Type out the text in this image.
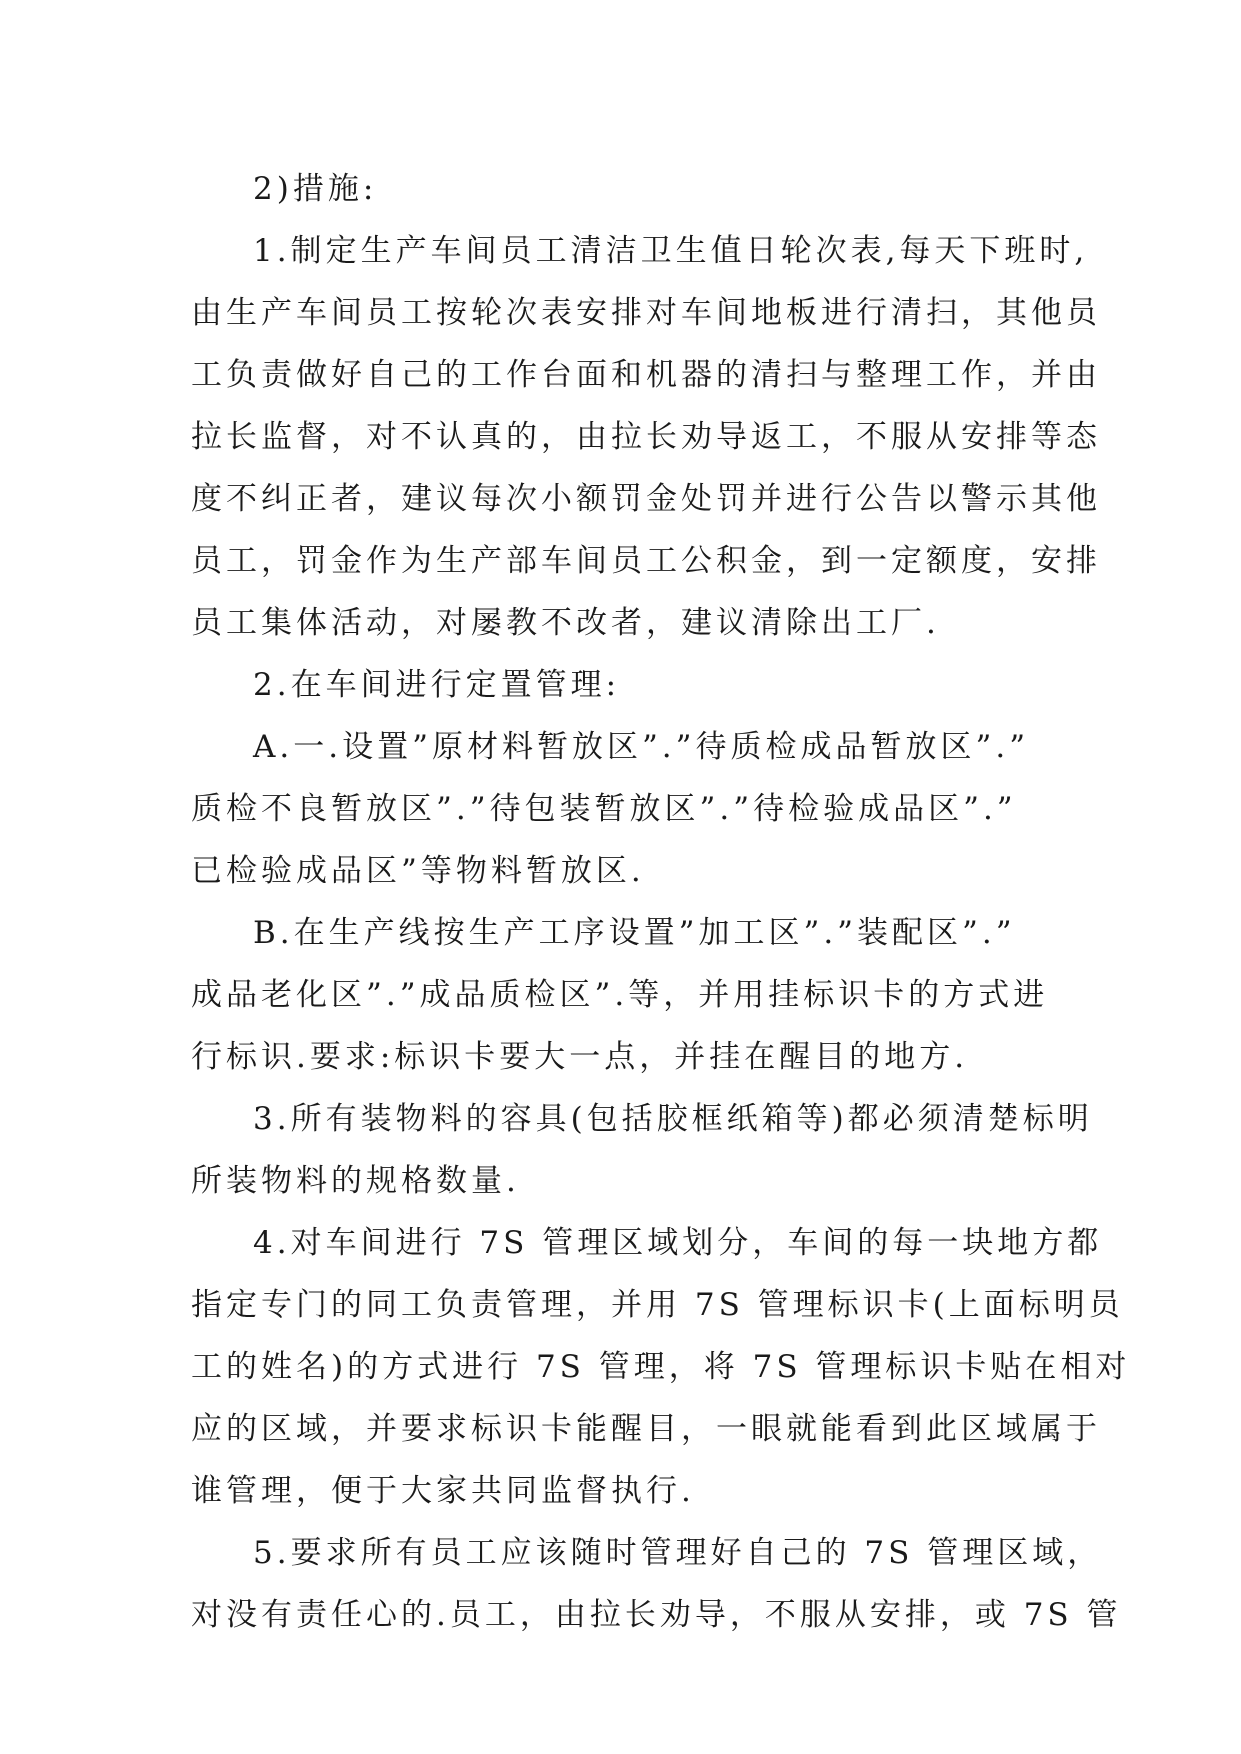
2)措施:
1.制定生产车间员工清洁卫生值日轮次表,每天下班时,
由生产车间员工按轮次表安排对车间地板进行清扫，其他员
工负责做好自己的工作台面和机器的清扫与整理工作，并由
拉长监督，对不认真的，由拉长劝导返工，不服从安排等态
度不纠正者，建议每次小额罚金处罚并进行公告以警示其他
员工，罚金作为生产部车间员工公积金，到一定额度，安排
员工集体活动，对屡教不改者，建议清除出工厂.
2.在车间进行定置管理:
A.一.设置”原材料暂放区”.”待质检成品暂放区”.”
质检不良暂放区”.”待包装暂放区”.”待检验成品区”.”
已检验成品区”等物料暂放区.
B.在生产线按生产工序设置”加工区”.”装配区”.”
成品老化区”.”成品质检区”.等，并用挂标识卡的方式进
行标识.要求:标识卡要大一点，并挂在醒目的地方.
3.所有装物料的容具(包括胶框纸箱等)都必须清楚标明
所装物料的规格数量.
4.对车间进行 7S 管理区域划分，车间的每一块地方都
指定专门的同工负责管理，并用 7S 管理标识卡(上面标明员
工的姓名)的方式进行 7S 管理，将 7S 管理标识卡贴在相对
应的区域，并要求标识卡能醒目，一眼就能看到此区域属于
谁管理，便于大家共同监督执行.
5.要求所有员工应该随时管理好自己的 7S 管理区域，
对没有责任心的.员工，由拉长劝导，不服从安排，或 7S 管
